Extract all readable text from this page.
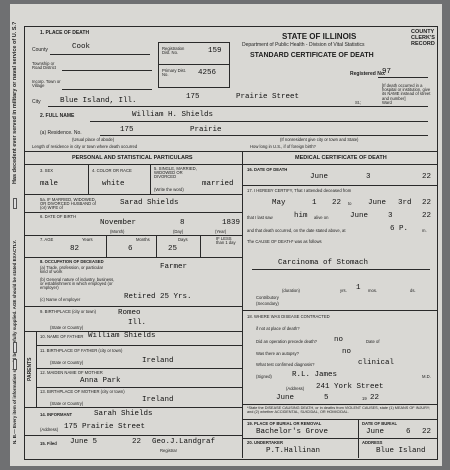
Has decedent ever served in military or naval service of U. S.?	1. PLACE OF DEATH
County	Cook
Township or Road District
Incorp. Town or Village
City	Blue Island, Ill.	175	Prairie Street
St.;	Ward
Registration Dist. No.	159
Primary Dist. No.	4256
STATE OF ILLINOIS
Department of Public Health - Division of Vital Statistics
STANDARD CERTIFICATE OF DEATH
Registered No.
97
[If death occurred in a hospital or institution, give its NAME instead of street and number]
COUNTY
CLERK'S
RECORD
2. FULL NAME	William H. Shields
(a) Residence. No.	175	Prairie
(Usual place of abode)	(If nonresident give city or town and State)
Length of residence in city or town where death occurred	How long in U.S., if of foreign birth?
PERSONAL AND STATISTICAL PARTICULARS	MEDICAL CERTIFICATE OF DEATH
3. SEX
male
4. COLOR OR RACE
white
5. SINGLE, MARRIED, WIDOWED OR DIVORCED
(Write the word)
married
5a. IF MARRIED, WIDOWED, OR DIVORCED HUSBAND of (or) WIFE of
Sarad Shields
6. DATE OF BIRTH
November	8	1839
(Month)	(Day)	(Year)
7. AGE	Years	Months	Days	IF LESS than 1 day
82	6	25
8. OCCUPATION OF DECEASED
(a) Trade, profession, or particular kind of work
(b) General nature of industry, business, or establishment in which employed (or employer)
(c) Name of employer
Farmer
Retired 25 Yrs.
9. BIRTHPLACE (city or town)	Romeo
Ill.
(State or Country)
PARENTS
10. NAME OF FATHER William Shields
11. BIRTHPLACE OF FATHER (city or town)
(State or Country)	Ireland
12. MAIDEN NAME OF MOTHER
Anna Park
13. BIRTHPLACE OF MOTHER (city or town)
(State or Country)	Ireland
14. INFORMANT	Sarah Shields
(Address) 175 Prairie Street
15. Filed June 5	22 Geo.J.Landgraf
Registrar
16. DATE OF DEATH
June	3	22
17. I HEREBY CERTIFY, That I attended deceased from
May	1 22 to June 3rd 22
that I last saw	him alive on	June	3	22
and that death occurred, on the date stated above, at	6 P.	m.
The CAUSE OF DEATH* was as follows
Carcinoma of Stomach
(duration)	1
yrs.	mos.	ds.
Contributory
(Secondary)
18. WHERE WAS DISEASE CONTRACTED
if not at place of death?
Did an operation precede death? no	Date of
Was there an autopsy?	no
What test confirmed diagnosis?	clinical
(Signed)	R.L. James	M.D.
(Address) 241 York Street
June	5	19 22
*State the DISEASE CAUSING DEATH, or in deaths from VIOLENT CAUSES, state (1) MEANS OF INJURY; and (2) whether ACCIDENTAL, SUICIDAL, OR HOMICIDAL.
19. PLACE OF BURIAL OR REMOVAL
Bachelor's Grove
DATE OF BURIAL
June	6 22
20. UNDERTAKER
P.T.Hallinan
ADDRESS
Blue Island
